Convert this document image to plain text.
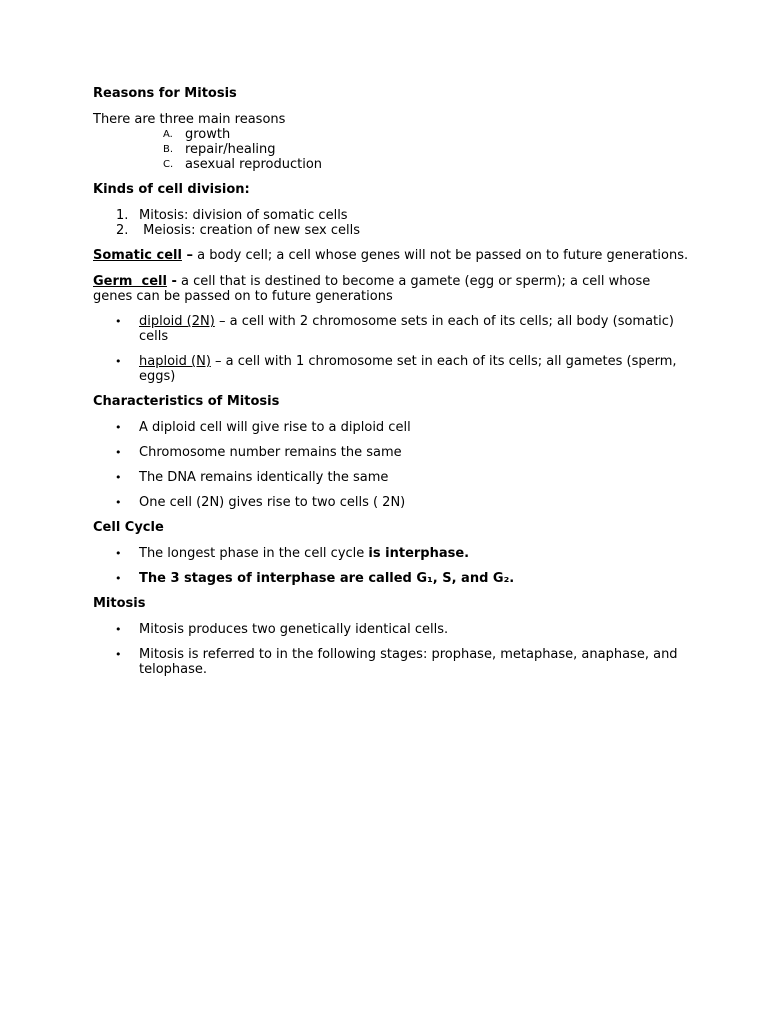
Reasons for Mitosis
There are three main reasons
A. growth
B. repair/healing
C. asexual reproduction
Kinds of cell division:
1. Mitosis: division of somatic cells
2. Meiosis: creation of new sex cells
Somatic cell – a body cell; a cell whose genes will not be passed on to future generations.
Germ  cell - a cell that is destined to become a gamete (egg or sperm); a cell whose genes can be passed on to future generations
• diploid (2N) – a cell with 2 chromosome sets in each of its cells; all body (somatic) cells
• haploid (N) – a cell with 1 chromosome set in each of its cells; all gametes (sperm, eggs)
Characteristics of Mitosis
• A diploid cell will give rise to a diploid cell
• Chromosome number remains the same
• The DNA remains identically the same
• One cell (2N) gives rise to two cells ( 2N)
Cell Cycle
• The longest phase in the cell cycle is interphase.
• The 3 stages of interphase are called G₁, S, and G₂.
Mitosis
• Mitosis produces two genetically identical cells.
• Mitosis is referred to in the following stages: prophase, metaphase, anaphase, and telophase.
